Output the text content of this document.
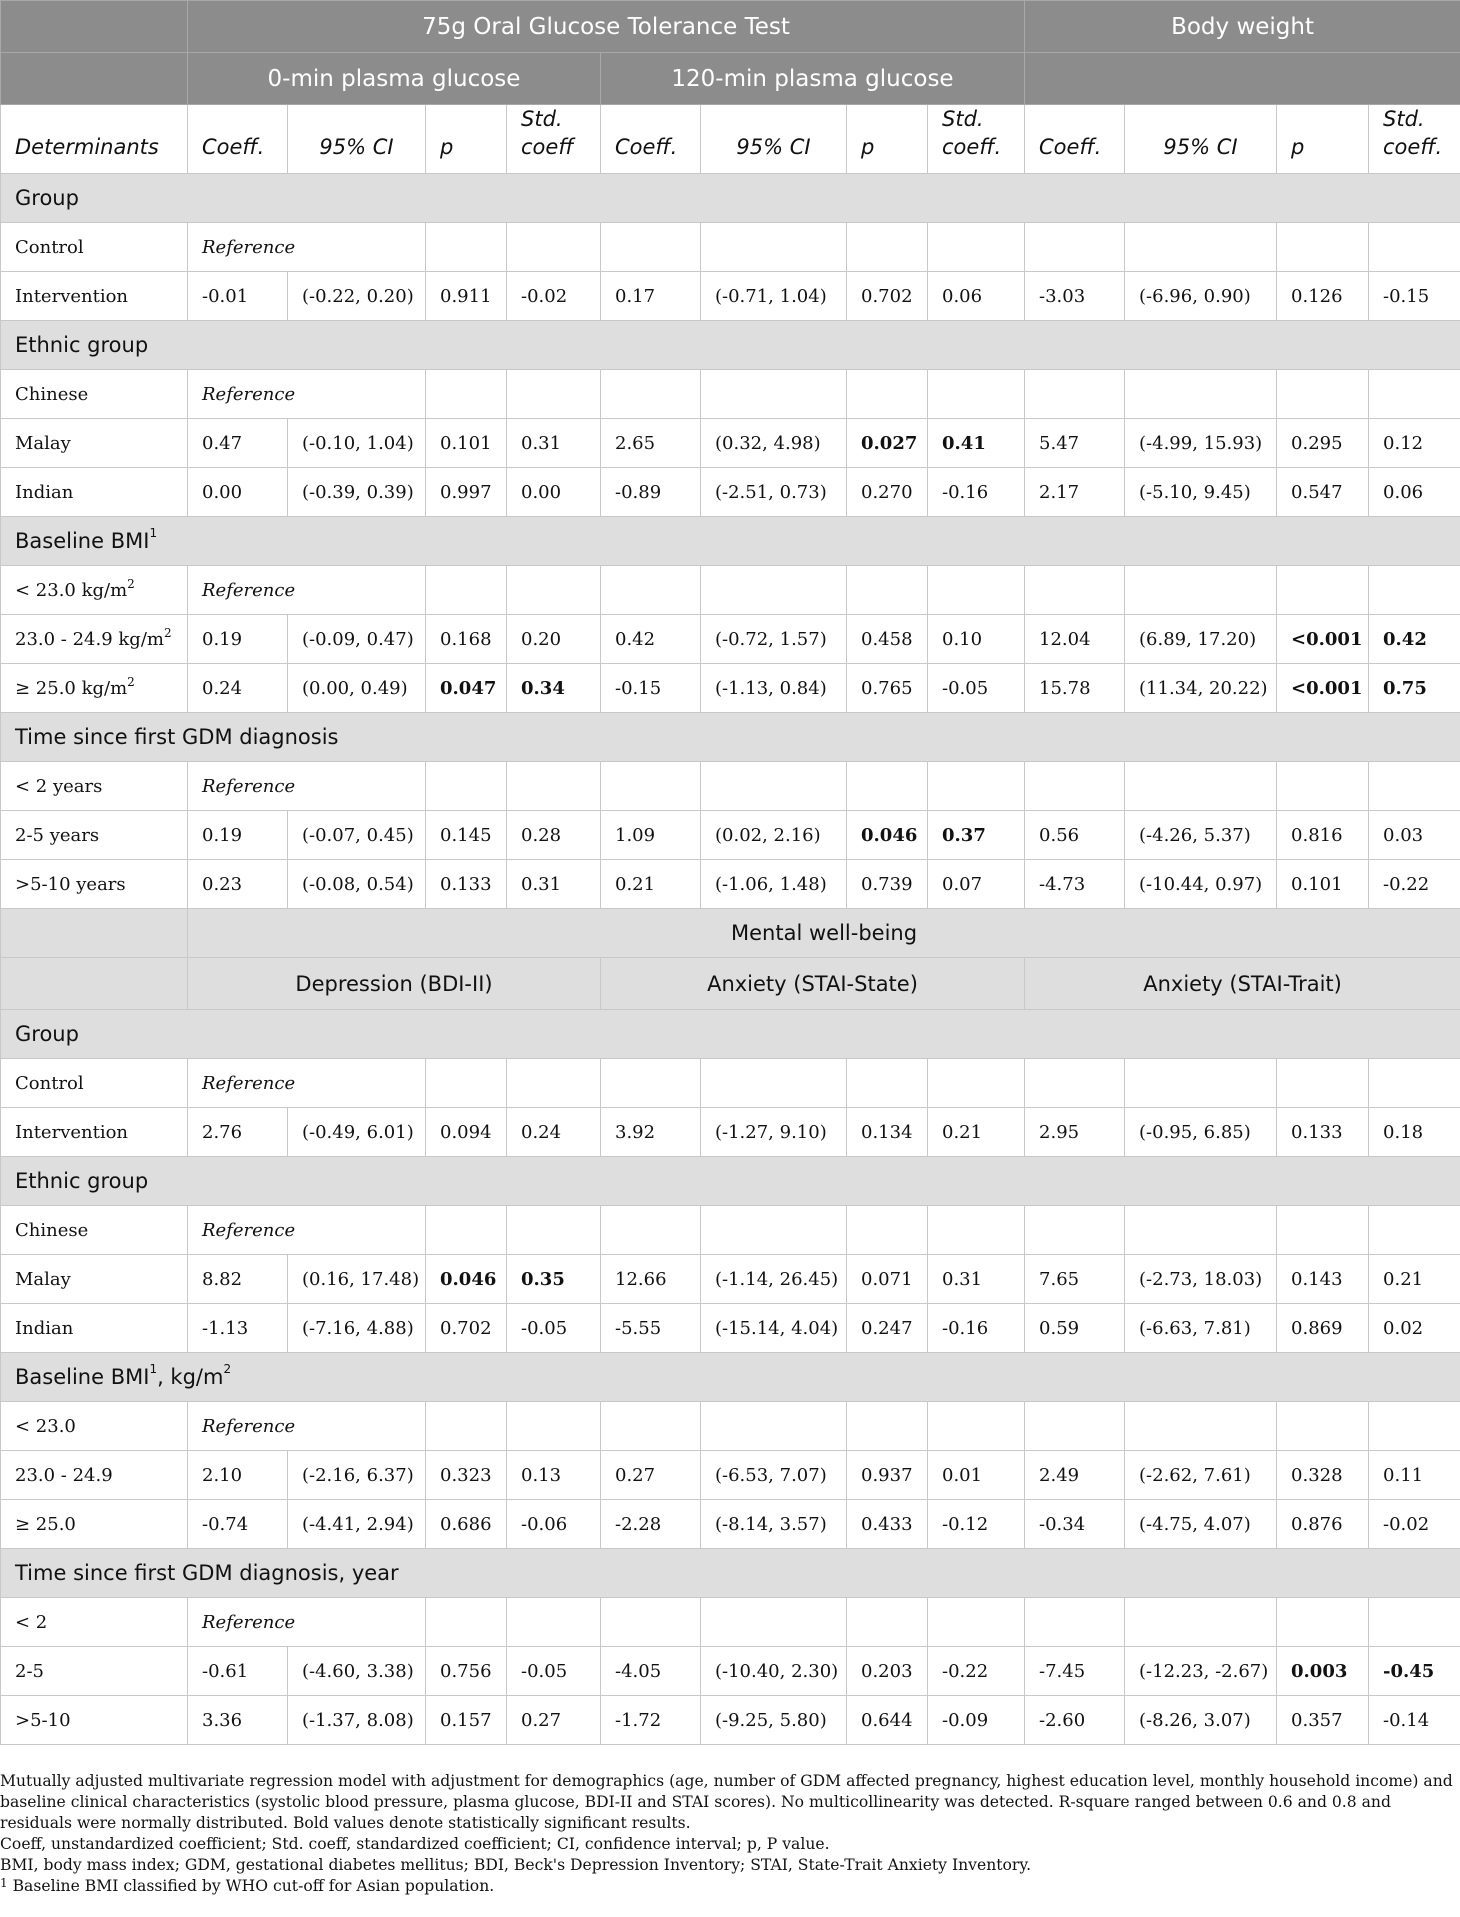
	75g Oral Glucose Tolerance Test								Body weight			
	0-min plasma glucose				120-min plasma glucose							
Determinants	Coeff.	95% CI	p	Std. coeff	Coeff.	95% CI	p	Std. coeff.	Coeff.	95% CI	p	Std. coeff.
Group												
Control	Reference											
Intervention	-0.01	(-0.22, 0.20)	0.911	-0.02	0.17	(-0.71, 1.04)	0.702	0.06	-3.03	(-6.96, 0.90)	0.126	-0.15
Ethnic group												
Chinese	Reference											
Malay	0.47	(-0.10, 1.04)	0.101	0.31	2.65	(0.32, 4.98)	0.027	0.41	5.47	(-4.99, 15.93)	0.295	0.12
Indian	0.00	(-0.39, 0.39)	0.997	0.00	-0.89	(-2.51, 0.73)	0.270	-0.16	2.17	(-5.10, 9.45)	0.547	0.06
Baseline $BMI^1$
< 23.0 $kg/m^2$	Reference											
23.0 - 24.9 $kg/m^2$	0.19	(-0.09, 0.47)	0.168	0.20	0.42	(-0.72, 1.57)	0.458	0.10	12.04	(6.89, 17.20)	<0.001	0.42
≥ 25.0 $kg/m^2$	0.24	(0.00, 0.49)	0.047	0.34	-0.15	(-1.13, 0.84)	0.765	-0.05	15.78	(11.34, 20.22)	<0.001	0.75
Time since first GDM diagnosis												
< 2 years	Reference											
2-5 years	0.19	(-0.07, 0.45)	0.145	0.28	1.09	(0.02, 2.16)	0.046	0.37	0.56	(-4.26, 5.37)	0.816	0.03
>5-10 years	0.23	(-0.08, 0.54)	0.133	0.31	0.21	(-1.06, 1.48)	0.739	0.07	-4.73	(-10.44, 0.97)	0.101	-0.22
	Mental well-being											
	Depression (BDI-II)				Anxiety (STAI-State)				Anxiety (STAI-Trait)			
Group												
Control	Reference											
Intervention	2.76	(-0.49, 6.01)	0.094	0.24	3.92	(-1.27, 9.10)	0.134	0.21	2.95	(-0.95, 6.85)	0.133	0.18
Ethnic group												
Chinese	Reference											
Malay	8.82	(0.16, 17.48)	0.046	0.35	12.66	(-1.14, 26.45)	0.071	0.31	7.65	(-2.73, 18.03)	0.143	0.21
Indian	-1.13	(-7.16, 4.88)	0.702	-0.05	-5.55	(-15.14, 4.04)	0.247	-0.16	0.59	(-6.63, 7.81)	0.869	0.02
Baseline BMI$^1$, $kg/m^2$
< 23.0	Reference											
23.0 - 24.9	2.10	(-2.16, 6.37)	0.323	0.13	0.27	(-6.53, 7.07)	0.937	0.01	2.49	(-2.62, 7.61)	0.328	0.11
≥ 25.0	-0.74	(-4.41, 2.94)	0.686	-0.06	-2.28	(-8.14, 3.57)	0.433	-0.12	-0.34	(-4.75, 4.07)	0.876	-0.02
Time since first GDM diagnosis, year												
< 2	Reference											
2-5	-0.61	(-4.60, 3.38)	0.756	-0.05	-4.05	(-10.40, 2.30)	0.203	-0.22	-7.45	(-12.23, -2.67)	0.003	-0.45
>5-10	3.36	(-1.37, 8.08)	0.157	0.27	-1.72	(-9.25, 5.80)	0.644	-0.09	-2.60	(-8.26, 3.07)	0.357	-0.14

Mutually adjusted multivariate regression model with adjustment for demographics (age, number of GDM affected pregnancy, highest education level, monthly household income) and baseline clinical characteristics (systolic blood pressure, plasma glucose, BDI-II and STAI scores). No multicollinearity was detected. R-square ranged between 0.6 and 0.8 and residuals were normally distributed. Bold values denote statistically significant results.

Coeff, unstandardized coefficient; Std. coeff, standardized coefficient; CI, confidence interval; p, P value.

BMI, body mass index; GDM, gestational diabetes mellitus; BDI, Beck's Depression Inventory; STAI, State-Trait Anxiety Inventory.

$^1$ Baseline BMI classified by WHO cut-off for Asian population.
